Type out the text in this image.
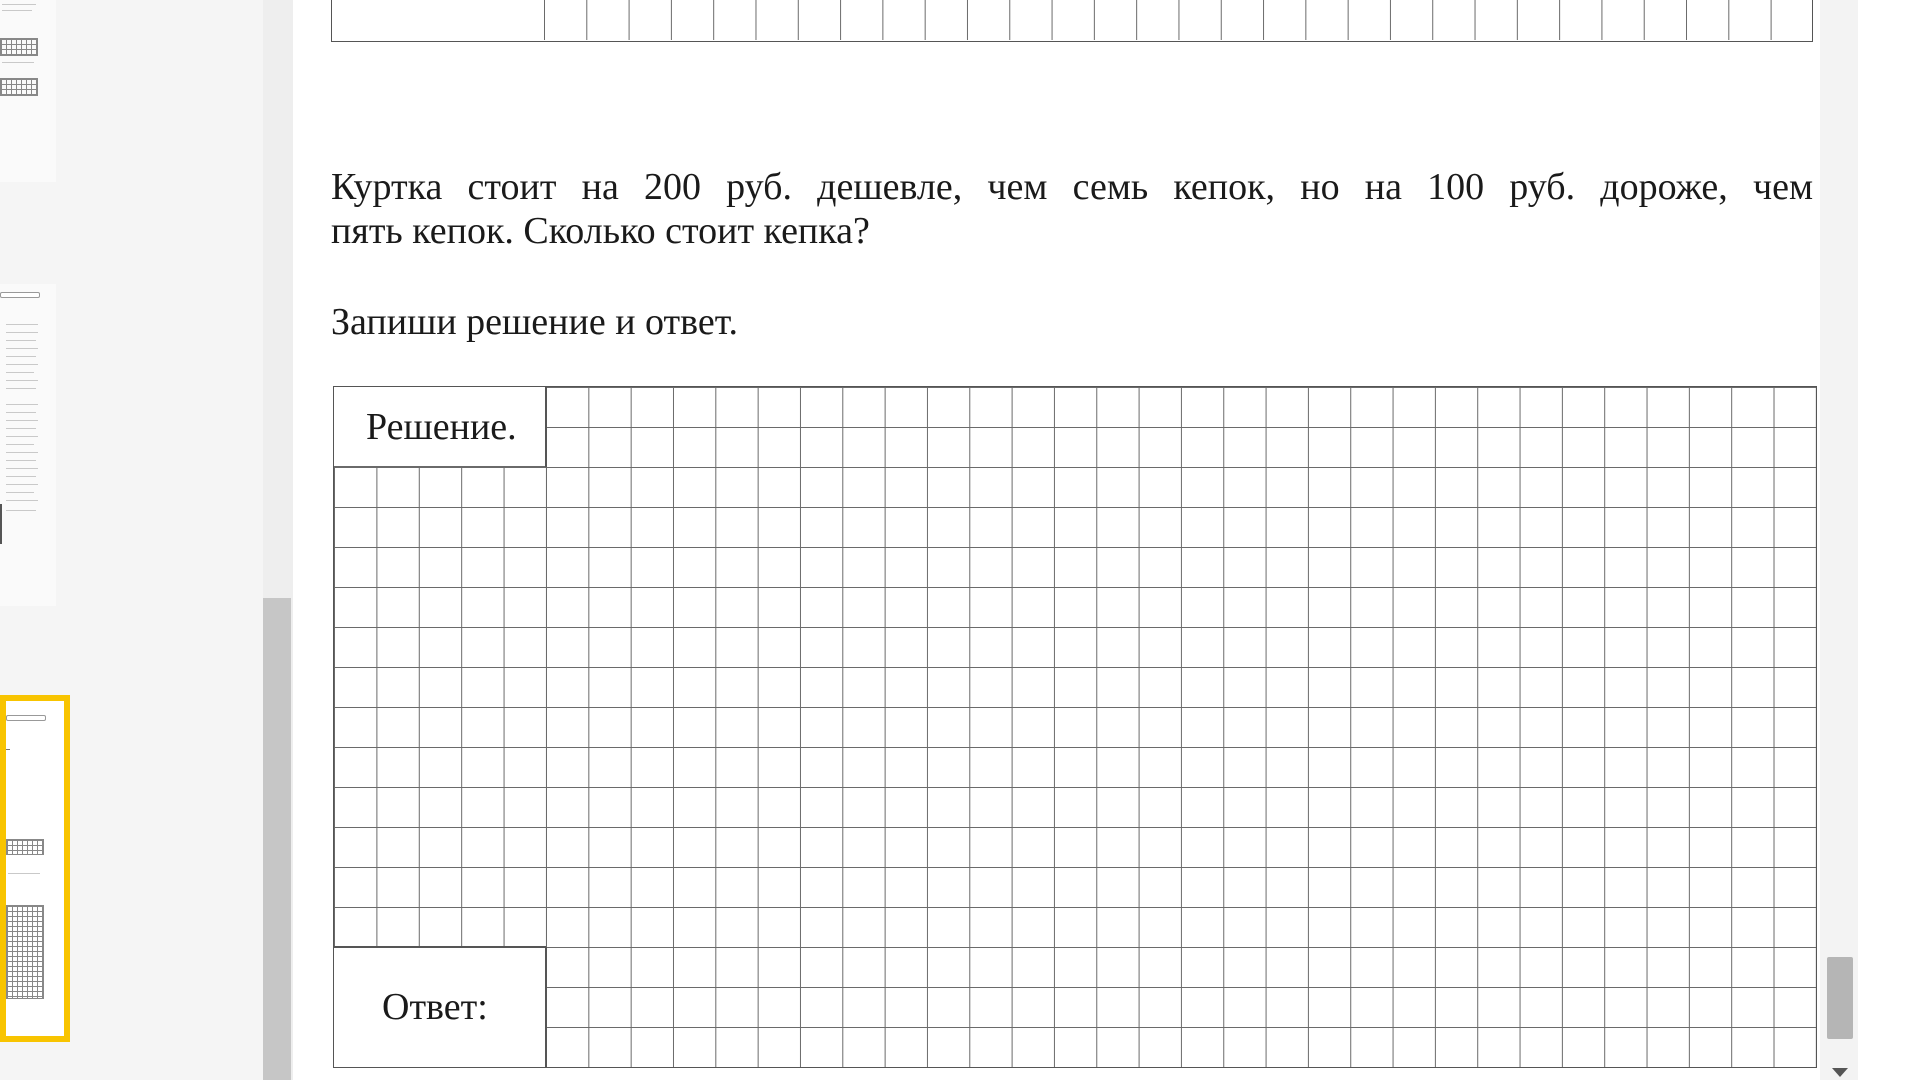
Куртка стоит на 200 руб. дешевле, чем семь кепок, но на 100 руб. дороже, чем
пять кепок. Сколько стоит кепка?
Запиши решение и ответ.
Решение.
Ответ:
